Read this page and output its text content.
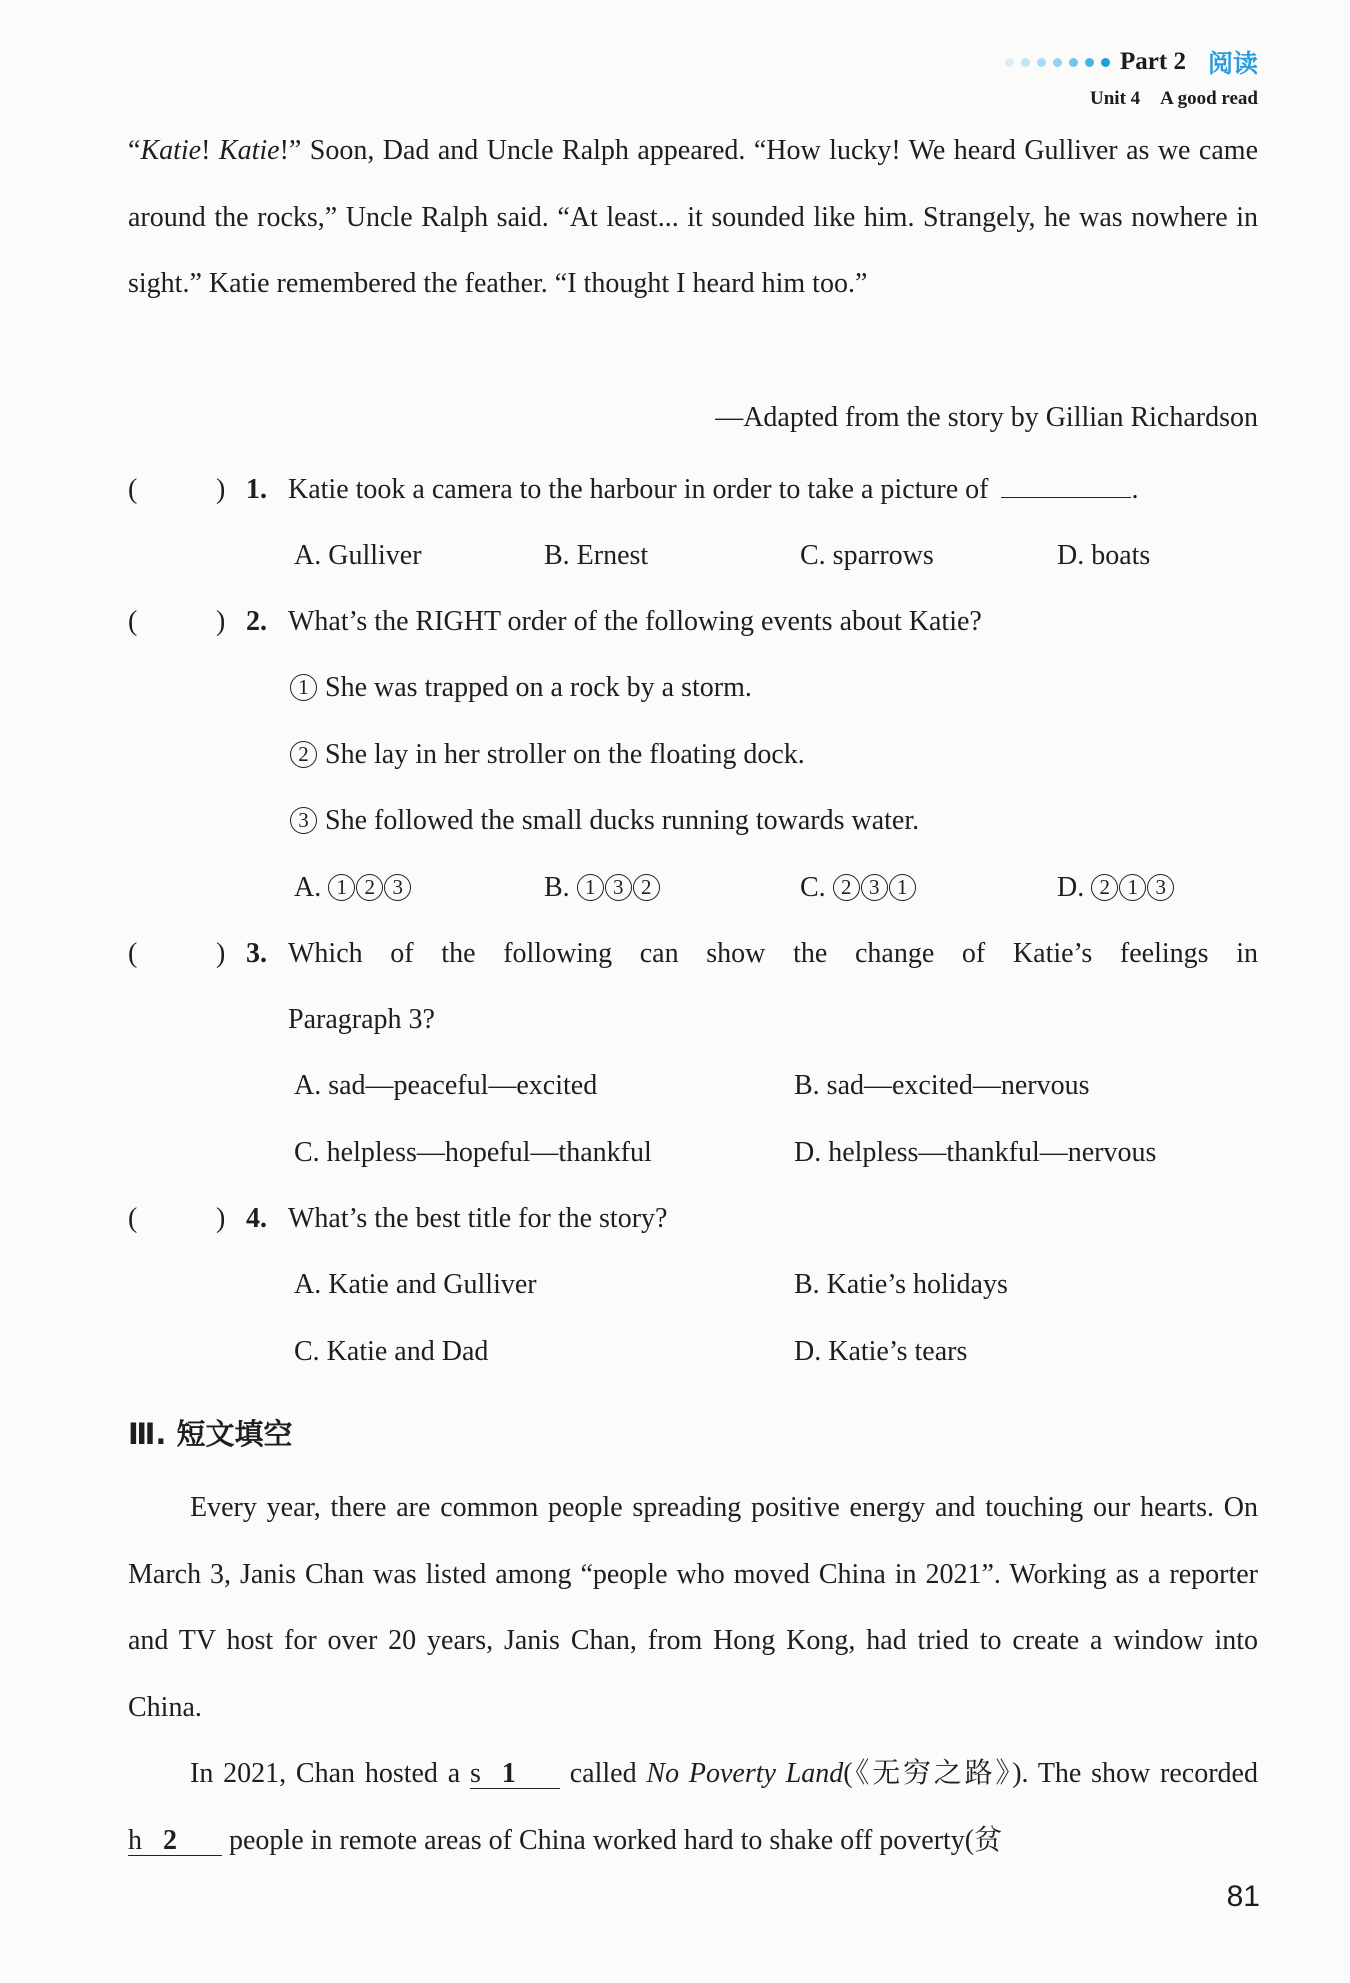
Part 2 阅读
Unit 4 A good read
“Katie! Katie!” Soon, Dad and Uncle Ralph appeared. “How lucky! We heard Gulliver as we came around the rocks,” Uncle Ralph said. “At least... it sounded like him. Strangely, he was nowhere in sight.” Katie remembered the feather. “I thought I heard him too.”
—Adapted from the story by Gillian Richardson
(	) 1. Katie took a camera to the harbour in order to take a picture of	.
A. Gulliver	B. Ernest	C. sparrows	D. boats
(	) 2. What’s the RIGHT order of the following events about Katie?
1 She was trapped on a rock by a storm.
2 She lay in her stroller on the floating dock.
3 She followed the small ducks running towards water.
A. 1 2 3	B. 1 3 2	C. 2 3 1	D. 2 1 3
(	) 3. Which of the following can show the change of Katie’s feelings in
Paragraph 3?
A. sad—peaceful—excited	B. sad—excited—nervous
C. helpless—hopeful—thankful	D. helpless—thankful—nervous
(	) 4. What’s the best title for the story?
A. Katie and Gulliver	B. Katie’s holidays
C. Katie and Dad	D. Katie’s tears
Ⅲ. 短文填空
Every year, there are common people spreading positive energy and touching our hearts. On March 3, Janis Chan was listed among “people who moved China in 2021”. Working as a reporter and TV host for over 20 years, Janis Chan, from Hong Kong, had tried to create a window into China.
In 2021, Chan hosted a s 1 called No Poverty Land(《无穷之路》). The show recorded h 2 people in remote areas of China worked hard to shake off poverty(贫
81
